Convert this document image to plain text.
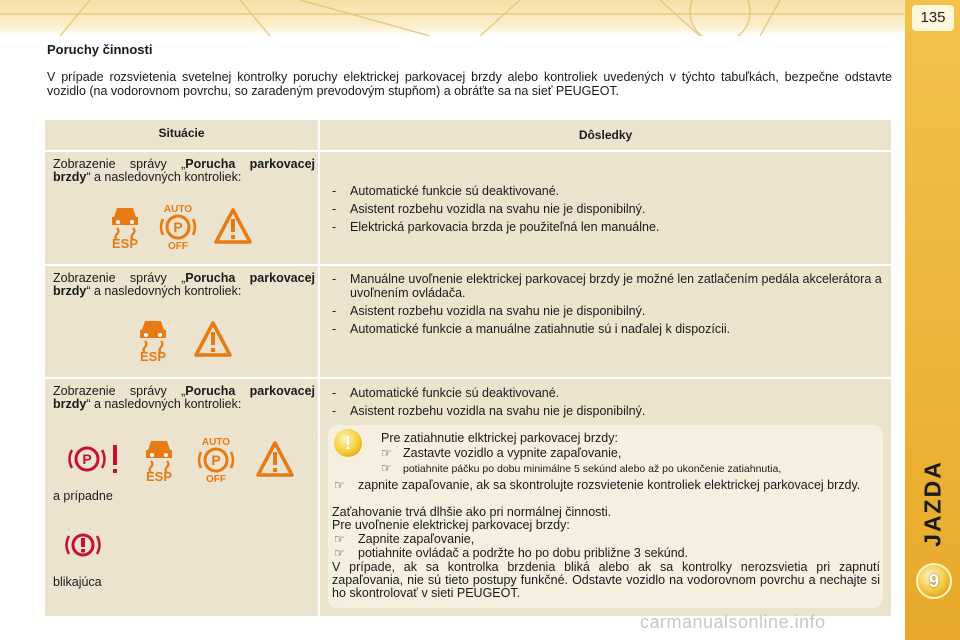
135
JAZDA
9
Poruchy činnosti

V prípade rozsvietenia svetelnej kontrolky poruchy elektrickej parkovacej brzdy alebo kontroliek uvedených v týchto tabuľkách, bezpečne odstavte vozidlo (na vodorovnom povrchu, so zaradeným prevodovým stupňom) a obráťte sa na sieť PEUGEOT.

Situácie	Dôsledky

Zobrazenie správy „Porucha parkovacej brzdy“ a nasledovných kontroliek:

ESP
AUTO
P
OFF
- Automatické funkcie sú deaktivované.
- Asistent rozbehu vozidla na svahu nie je disponibilný.
- Elektrická parkovacia brzda je použiteľná len manuálne.

Zobrazenie správy „Porucha parkovacej brzdy“ a nasledovných kontroliek:

ESP
- Manuálne uvoľnenie elektrickej parkovacej brzdy je možné len zatlačením pedála akcelerátora a uvoľnením ovládača.
- Asistent rozbehu vozidla na svahu nie je disponibilný.
- Automatické funkcie a manuálne zatiahnutie sú i naďalej k dispozícii.

Zobrazenie správy „Porucha parkovacej brzdy“ a nasledovných kontroliek:

P
ESP
AUTO
P
OFF
a prípadne
blikajúca
- Automatické funkcie sú deaktivované.
- Asistent rozbehu vozidla na svahu nie je disponibilný.
!	Pre zatiahnutie elktrickej parkovacej brzdy:

☞ Zastavte vozidlo a vypnite zapaľovanie,

☞ potiahnite páčku po dobu minimálne 5 sekúnd alebo až po ukončenie zatiahnutia,

☞ zapnite zapaľovanie, ak sa skontrolujte rozsvietenie kontroliek elektrickej parkovacej brzdy.

Zaťahovanie trvá dlhšie ako pri normálnej činnosti.

Pre uvoľnenie elektrickej parkovacej brzdy:

☞ Zapnite zapaľovanie,

☞ potiahnite ovládač a podržte ho po dobu približne 3 sekúnd.

V prípade, ak sa kontrolka brzdenia bliká alebo ak sa kontrolky nerozsvietia pri zapnutí zapaľovania, nie sú tieto postupy funkčné. Odstavte vozidlo na vodorovnom povrchu a nechajte si ho skontrolovať v sieti PEUGEOT.

carmanualsonline.info
